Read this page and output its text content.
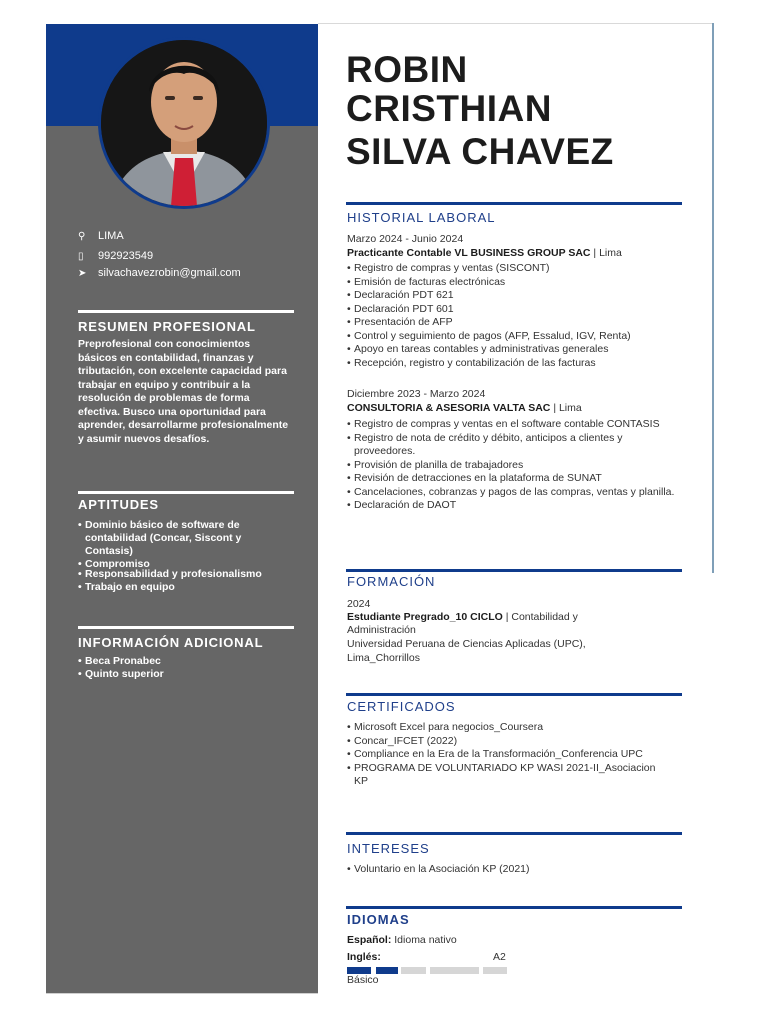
⚲	LIMA
▯	992923549
➤	silvachavezrobin@gmail.com
RESUMEN PROFESIONAL
Preprofesional con conocimientos básicos en contabilidad, finanzas y tributación, con excelente capacidad para trabajar en equipo y contribuir a la resolución de problemas de forma efectiva. Busco una oportunidad para aprender, desarrollarme profesionalmente y asumir nuevos desafíos.
APTITUDES
• Dominio básico de software de contabilidad (Concar, Siscont y Contasis)
• Compromiso
• Responsabilidad y profesionalismo
• Trabajo en equipo
INFORMACIÓN ADICIONAL
• Beca Pronabec
• Quinto superior
ROBIN
CRISTHIAN
SILVA CHAVEZ
HISTORIAL LABORAL
Marzo 2024 - Junio 2024
Practicante Contable VL BUSINESS GROUP SAC | Lima
• Registro de compras y ventas (SISCONT)
• Emisión de facturas electrónicas
• Declaración PDT 621
• Declaración PDT 601
• Presentación de AFP
• Control y seguimiento de pagos (AFP, Essalud, IGV, Renta)
• Apoyo en tareas contables y administrativas generales
• Recepción, registro y contabilización de las facturas
Diciembre 2023 - Marzo 2024
CONSULTORIA & ASESORIA VALTA SAC | Lima
• Registro de compras y ventas en el software contable CONTASIS
• Registro de nota de crédito y débito, anticipos a clientes y proveedores.
• Provisión de planilla de trabajadores
• Revisión de detracciones en la plataforma de SUNAT
• Cancelaciones, cobranzas y pagos de las compras, ventas y planilla.
• Declaración de DAOT
FORMACIÓN
2024
Estudiante Pregrado_10 CICLO | Contabilidad y
Administración
Universidad Peruana de Ciencias Aplicadas (UPC),
Lima_Chorrillos
CERTIFICADOS
• Microsoft Excel para negocios_Coursera
• Concar_IFCET (2022)
• Compliance en la Era de la Transformación_Conferencia UPC
• PROGRAMA DE VOLUNTARIADO KP WASI 2021-II_Asociacion KP
INTERESES
• Voluntario en la Asociación KP (2021)
IDIOMAS
Español: Idioma nativo
Inglés:	A2
Básico
